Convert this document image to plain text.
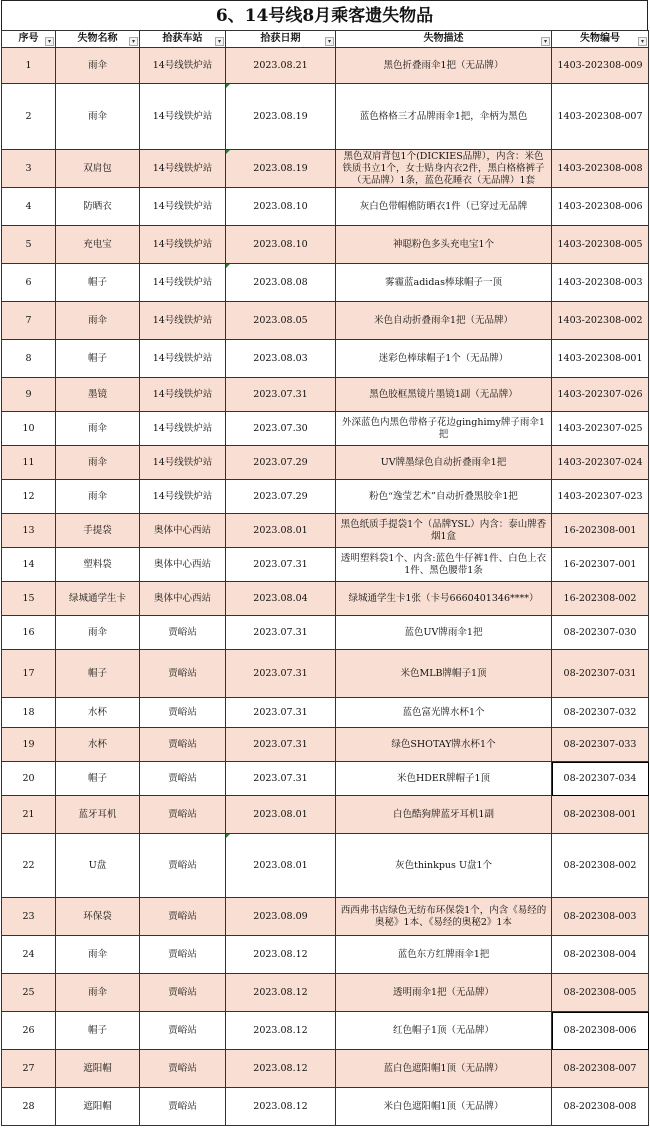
6、14号线8月乘客遗失物品
序号 ▾	失物名称 ▾	拾获车站 ▾	拾获日期 ▾	失物描述 ▾	失物编号 ▾

1	雨伞	14号线铁炉站	2023.08.21	黑色折叠雨伞1把（无品牌）	1403-202308-009
2	雨伞	14号线铁炉站	2023.08.19	蓝色格格三才品牌雨伞1把，伞柄为黑色	1403-202308-007
3	双肩包	14号线铁炉站	2023.08.19	黑色双肩背包1个(DICKIES品牌），内含：米色铁质书立1个，女士贴身内衣2件，黑白格格裤子（无品牌）1条，蓝色花睡衣（无品牌）1套	1403-202308-008
4	防晒衣	14号线铁炉站	2023.08.10	灰白色带帽檐防晒衣1件（已穿过无品牌	1403-202308-006
5	充电宝	14号线铁炉站	2023.08.10	神聪粉色多头充电宝1个	1403-202308-005
6	帽子	14号线铁炉站	2023.08.08	雾霾蓝adidas棒球帽子一顶	1403-202308-003
7	雨伞	14号线铁炉站	2023.08.05	米色自动折叠雨伞1把（无品牌）	1403-202308-002
8	帽子	14号线铁炉站	2023.08.03	迷彩色棒球帽子1个（无品牌）	1403-202308-001
9	墨镜	14号线铁炉站	2023.07.31	黑色胶框黑镜片墨镜1副（无品牌）	1403-202307-026
10	雨伞	14号线铁炉站	2023.07.30	外深蓝色内黑色带格子花边ginghimy牌子雨伞1把	1403-202307-025
11	雨伞	14号线铁炉站	2023.07.29	UV牌墨绿色自动折叠雨伞1把	1403-202307-024
12	雨伞	14号线铁炉站	2023.07.29	粉色“逸莹艺术”自动折叠黑胶伞1把	1403-202307-023
13	手提袋	奥体中心西站	2023.08.01	黑色纸质手提袋1个（品牌YSL）内含：泰山牌香烟1盒	16-202308-001
14	塑料袋	奥体中心西站	2023.07.31	透明塑料袋1个、内含:蓝色牛仔裤1件、白色上衣1件、黑色腰带1条	16-202307-001
15	绿城通学生卡	奥体中心西站	2023.08.04	绿城通学生卡1张（卡号6660401346****）	16-202308-002
16	雨伞	贾峪站	2023.07.31	蓝色UV牌雨伞1把	08-202307-030
17	帽子	贾峪站	2023.07.31	米色MLB牌帽子1顶	08-202307-031
18	水杯	贾峪站	2023.07.31	蓝色富光牌水杯1个	08-202307-032
19	水杯	贾峪站	2023.07.31	绿色SHOTAY牌水杯1个	08-202307-033
20	帽子	贾峪站	2023.07.31	米色HDER牌帽子1顶	08-202307-034
21	蓝牙耳机	贾峪站	2023.08.01	白色酷狗牌蓝牙耳机1副	08-202308-001
22	U盘	贾峪站	2023.08.01	灰色thinkpus U盘1个	08-202308-002
23	环保袋	贾峪站	2023.08.09	西西弗书店绿色无纺布环保袋1个，内含《易经的奥秘》1本、《易经的奥秘2》1本	08-202308-003
24	雨伞	贾峪站	2023.08.12	蓝色东方红牌雨伞1把	08-202308-004
25	雨伞	贾峪站	2023.08.12	透明雨伞1把（无品牌）	08-202308-005
26	帽子	贾峪站	2023.08.12	红色帽子1顶（无品牌）	08-202308-006
27	遮阳帽	贾峪站	2023.08.12	蓝白色遮阳帽1顶（无品牌）	08-202308-007
28	遮阳帽	贾峪站	2023.08.12	米白色遮阳帽1顶（无品牌）	08-202308-008
